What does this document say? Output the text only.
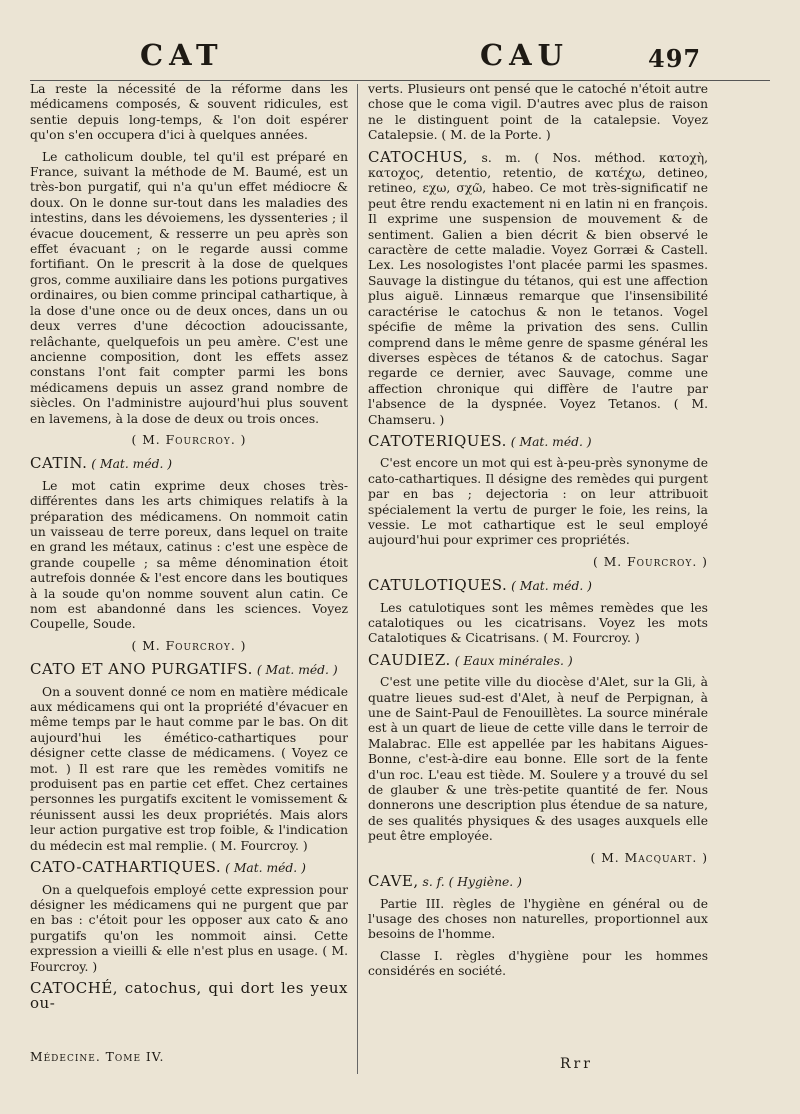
CAT	CAU	497

La reste la nécessité de la réforme dans les médicamens composés, & souvent ridicules, est sentie depuis long-temps, & l'on doit espérer qu'on s'en occupera d'ici à quelques années.

Le catholicum double, tel qu'il est préparé en France, suivant la méthode de M. Baumé, est un très-bon purgatif, qui n'a qu'un effet médiocre & doux. On le donne sur-tout dans les maladies des intestins, dans les dévoiemens, les dyssenteries ; il évacue doucement, & resserre un peu après son effet évacuant ; on le regarde aussi comme fortifiant. On le prescrit à la dose de quelques gros, comme auxiliaire dans les potions purgatives ordinaires, ou bien comme principal cathartique, à la dose d'une once ou de deux onces, dans un ou deux verres d'une décoction adoucissante, relâchante, quelquefois un peu amère. C'est une ancienne composition, dont les effets assez constans l'ont fait compter parmi les bons médicamens depuis un assez grand nombre de siècles. On l'administre aujourd'hui plus souvent en lavemens, à la dose de deux ou trois onces.

( M. Fourcroy. )

CATIN. ( Mat. méd. )

Le mot catin exprime deux choses très-différentes dans les arts chimiques relatifs à la préparation des médicamens. On nommoit catin un vaisseau de terre poreux, dans lequel on traite en grand les métaux, catinus : c'est une espèce de grande coupelle ; sa même dénomination étoit autrefois donnée & l'est encore dans les boutiques à la soude qu'on nomme souvent alun catin. Ce nom est abandonné dans les sciences. Voyez Coupelle, Soude.

( M. Fourcroy. )

CATO ET ANO PURGATIFS. ( Mat. méd. )

On a souvent donné ce nom en matière médicale aux médicamens qui ont la propriété d'évacuer en même temps par le haut comme par le bas. On dit aujourd'hui les émético-cathartiques pour désigner cette classe de médicamens. ( Voyez ce mot. ) Il est rare que les remèdes vomitifs ne produisent pas en partie cet effet. Chez certaines personnes les purgatifs excitent le vomissement & réunissent aussi les deux propriétés. Mais alors leur action purgative est trop foible, & l'indication du médecin est mal remplie. ( M. Fourcroy. )

CATO-CATHARTIQUES. ( Mat. méd. )

On a quelquefois employé cette expression pour désigner les médicamens qui ne purgent que par en bas : c'étoit pour les opposer aux cato & ano purgatifs qu'on les nommoit ainsi. Cette expression a vieilli & elle n'est plus en usage. ( M. Fourcroy. )

CATOCHÉ, catochus, qui dort les yeux ou-

verts. Plusieurs ont pensé que le catoché n'étoit autre chose que le coma vigil. D'autres avec plus de raison ne le distinguent point de la catalepsie. Voyez Catalepsie. ( M. de la Porte. )

CATOCHUS, s. m. ( Nos. méthod. κατοχὴ, κατοχος, detentio, retentio, de κατέχω, detineo, retineo, εχω, σχῶ, habeo. Ce mot très-significatif ne peut être rendu exactement ni en latin ni en françois. Il exprime une suspension de mouvement & de sentiment. Galien a bien décrit & bien observé le caractère de cette maladie. Voyez Gorræi & Castell. Lex. Les nosologistes l'ont placée parmi les spasmes. Sauvage la distingue du tétanos, qui est une affection plus aiguë. Linnæus remarque que l'insensibilité caractérise le catochus & non le tetanos. Vogel spécifie de même la privation des sens. Cullin comprend dans le même genre de spasme général les diverses espèces de tétanos & de catochus. Sagar regarde ce dernier, avec Sauvage, comme une affection chronique qui diffère de l'autre par l'absence de la dyspnée. Voyez Tetanos. ( M. Chamseru. )

CATOTERIQUES. ( Mat. méd. )

C'est encore un mot qui est à-peu-près synonyme de cato-cathartiques. Il désigne des remèdes qui purgent par en bas ; dejectoria : on leur attribuoit spécialement la vertu de purger le foie, les reins, la vessie. Le mot cathartique est le seul employé aujourd'hui pour exprimer ces propriétés.

( M. Fourcroy. )

CATULOTIQUES. ( Mat. méd. )

Les catulotiques sont les mêmes remèdes que les catalotiques ou les cicatrisans. Voyez les mots Catalotiques & Cicatrisans. ( M. Fourcroy. )

CAUDIEZ. ( Eaux minérales. )

C'est une petite ville du diocèse d'Alet, sur la Gli, à quatre lieues sud-est d'Alet, à neuf de Perpignan, à une de Saint-Paul de Fenouillètes. La source minérale est à un quart de lieue de cette ville dans le terroir de Malabrac. Elle est appellée par les habitans Aigues-Bonne, c'est-à-dire eau bonne. Elle sort de la fente d'un roc. L'eau est tiède. M. Soulere y a trouvé du sel de glauber & une très-petite quantité de fer. Nous donnerons une description plus étendue de sa nature, de ses qualités physiques & des usages auxquels elle peut être employée.

( M. Macquart. )

CAVE, s. f. ( Hygiène. )

Partie III. règles de l'hygiène en général ou de l'usage des choses non naturelles, proportionnel aux besoins de l'homme.

Classe I. règles d'hygiène pour les hommes considérés en société.

Médecine. Tome IV.	Rrr
